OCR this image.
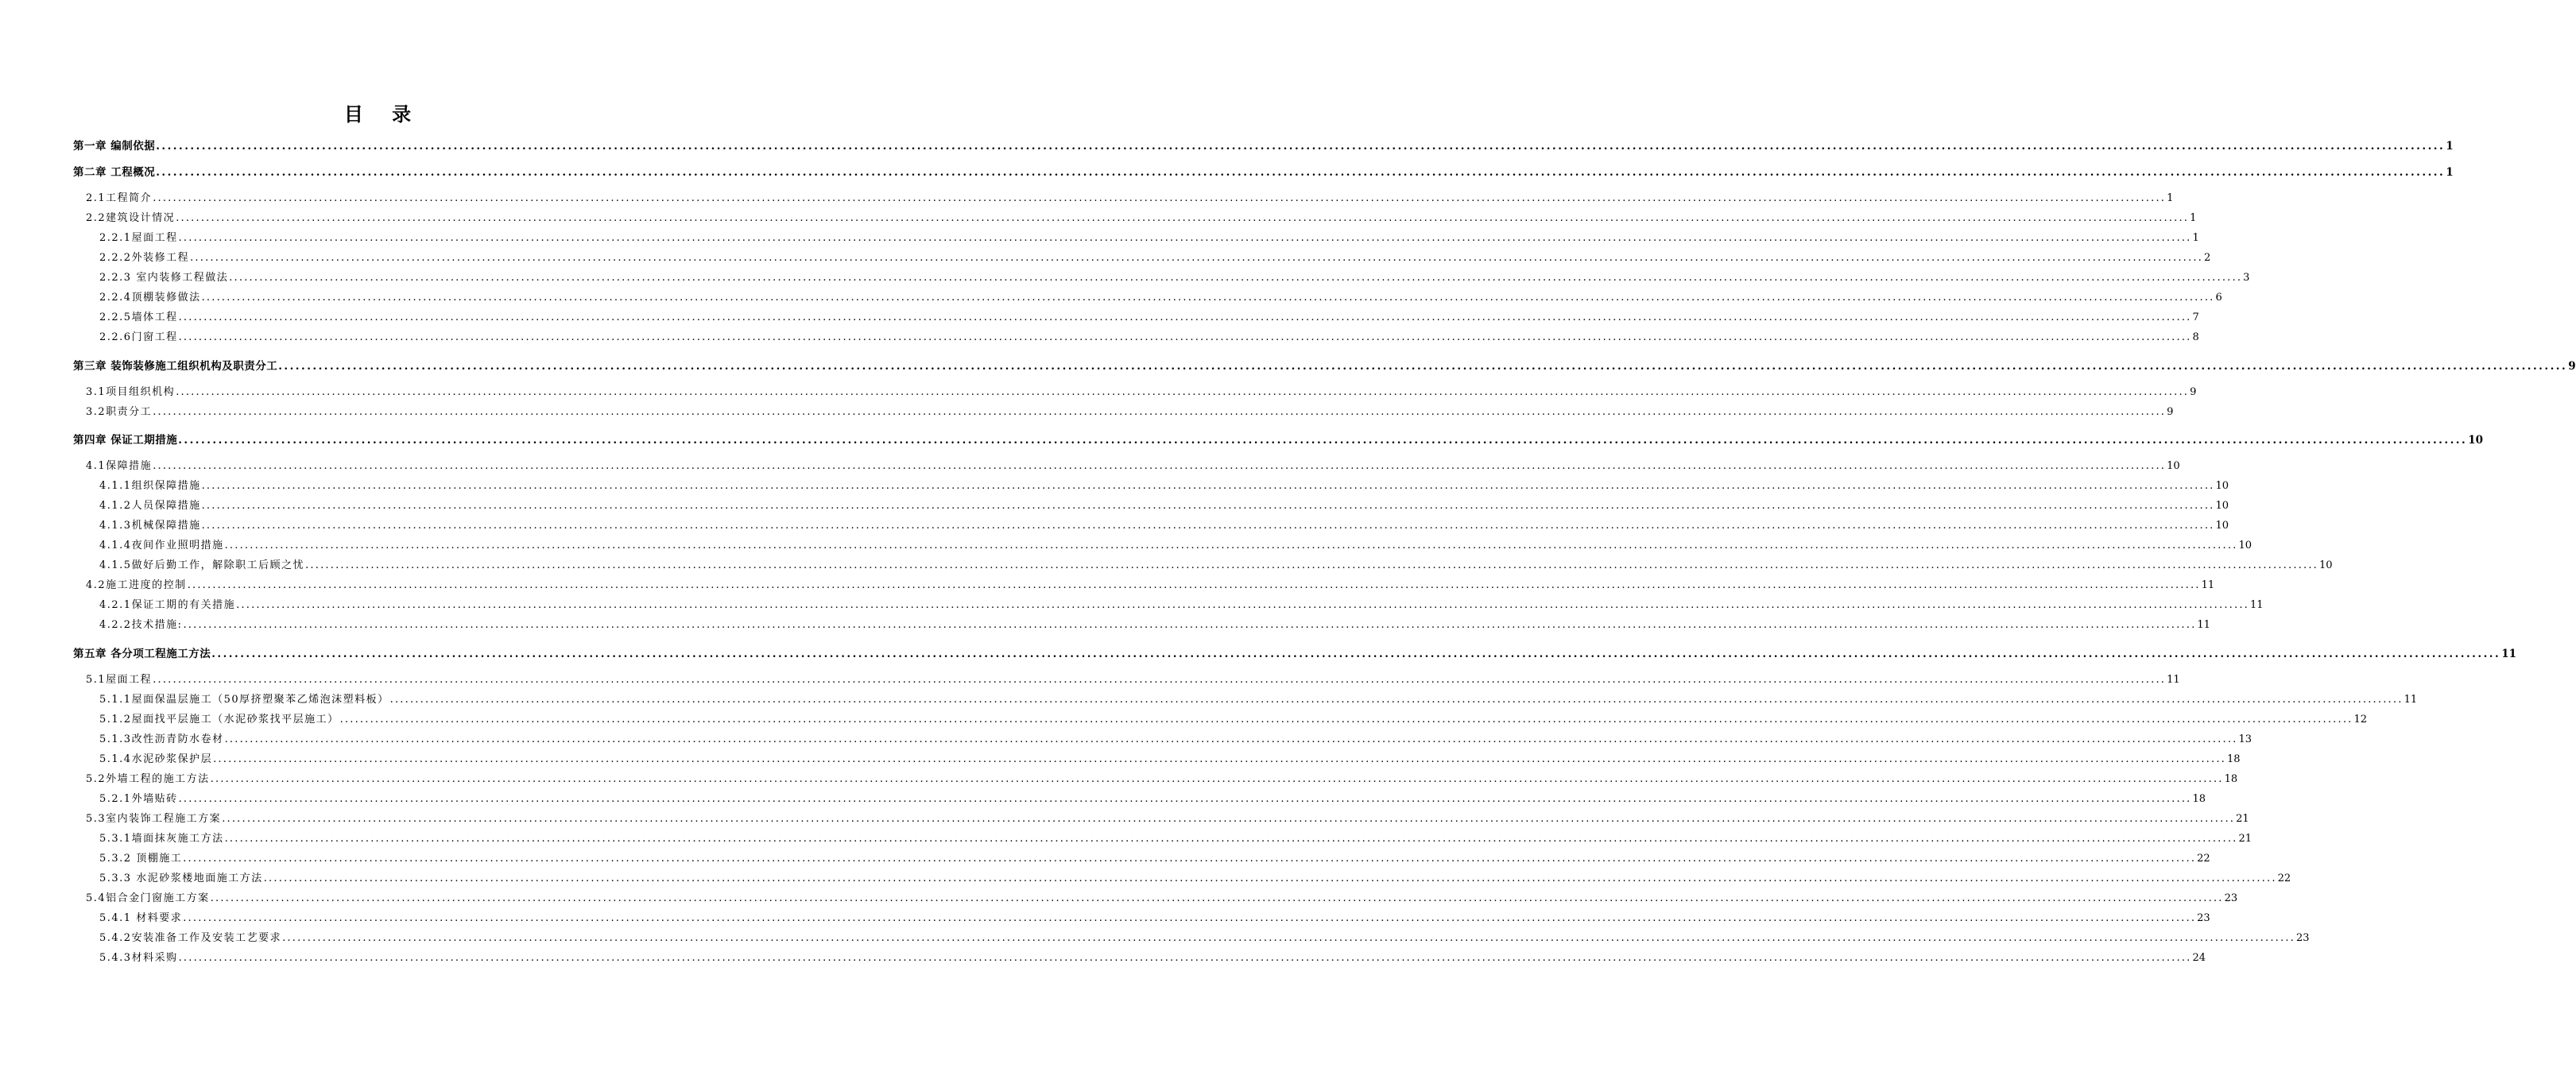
目 录
第一章 编制依据 ................................................................................................................................................................................................................................................................................................................................................................................................................ 1
第二章 工程概况 ................................................................................................................................................................................................................................................................................................................................................................................................................ 1
2.1工程简介 ................................................................................................................................................................................................................................................................................................................................................................................................................ 1
2.2建筑设计情况 ................................................................................................................................................................................................................................................................................................................................................................................................................ 1
2.2.1屋面工程 ................................................................................................................................................................................................................................................................................................................................................................................................................ 1
2.2.2外装修工程 ................................................................................................................................................................................................................................................................................................................................................................................................................ 2
2.2.3 室内装修工程做法 ................................................................................................................................................................................................................................................................................................................................................................................................................ 3
2.2.4顶棚装修做法 ................................................................................................................................................................................................................................................................................................................................................................................................................ 6
2.2.5墙体工程 ................................................................................................................................................................................................................................................................................................................................................................................................................ 7
2.2.6门窗工程 ................................................................................................................................................................................................................................................................................................................................................................................................................ 8
第三章 装饰装修施工组织机构及职责分工 ................................................................................................................................................................................................................................................................................................................................................................................................................ 9
3.1项目组织机构 ................................................................................................................................................................................................................................................................................................................................................................................................................ 9
3.2职责分工 ................................................................................................................................................................................................................................................................................................................................................................................................................ 9
第四章 保证工期措施 ................................................................................................................................................................................................................................................................................................................................................................................................................ 10
4.1保障措施 ................................................................................................................................................................................................................................................................................................................................................................................................................ 10
4.1.1组织保障措施 ................................................................................................................................................................................................................................................................................................................................................................................................................ 10
4.1.2人员保障措施 ................................................................................................................................................................................................................................................................................................................................................................................................................ 10
4.1.3机械保障措施 ................................................................................................................................................................................................................................................................................................................................................................................................................ 10
4.1.4夜间作业照明措施 ................................................................................................................................................................................................................................................................................................................................................................................................................ 10
4.1.5做好后勤工作，解除职工后顾之忧 ................................................................................................................................................................................................................................................................................................................................................................................................................ 10
4.2施工进度的控制 ................................................................................................................................................................................................................................................................................................................................................................................................................ 11
4.2.1保证工期的有关措施 ................................................................................................................................................................................................................................................................................................................................................................................................................ 11
4.2.2技术措施: ................................................................................................................................................................................................................................................................................................................................................................................................................ 11
第五章 各分项工程施工方法 ................................................................................................................................................................................................................................................................................................................................................................................................................ 11
5.1屋面工程 ................................................................................................................................................................................................................................................................................................................................................................................................................ 11
5.1.1屋面保温层施工（50厚挤塑聚苯乙烯泡沫塑料板） ................................................................................................................................................................................................................................................................................................................................................................................................................ 11
5.1.2屋面找平层施工（水泥砂浆找平层施工） ................................................................................................................................................................................................................................................................................................................................................................................................................ 12
5.1.3改性沥青防水卷材 ................................................................................................................................................................................................................................................................................................................................................................................................................ 13
5.1.4水泥砂浆保护层 ................................................................................................................................................................................................................................................................................................................................................................................................................ 18
5.2外墙工程的施工方法 ................................................................................................................................................................................................................................................................................................................................................................................................................ 18
5.2.1外墙贴砖 ................................................................................................................................................................................................................................................................................................................................................................................................................ 18
5.3室内装饰工程施工方案 ................................................................................................................................................................................................................................................................................................................................................................................................................ 21
5.3.1墙面抹灰施工方法 ................................................................................................................................................................................................................................................................................................................................................................................................................ 21
5.3.2 顶棚施工 ................................................................................................................................................................................................................................................................................................................................................................................................................ 22
5.3.3 水泥砂浆楼地面施工方法 ................................................................................................................................................................................................................................................................................................................................................................................................................ 22
5.4铝合金门窗施工方案 ................................................................................................................................................................................................................................................................................................................................................................................................................ 23
5.4.1 材料要求 ................................................................................................................................................................................................................................................................................................................................................................................................................ 23
5.4.2安装准备工作及安装工艺要求 ................................................................................................................................................................................................................................................................................................................................................................................................................ 23
5.4.3材料采购 ................................................................................................................................................................................................................................................................................................................................................................................................................ 24
